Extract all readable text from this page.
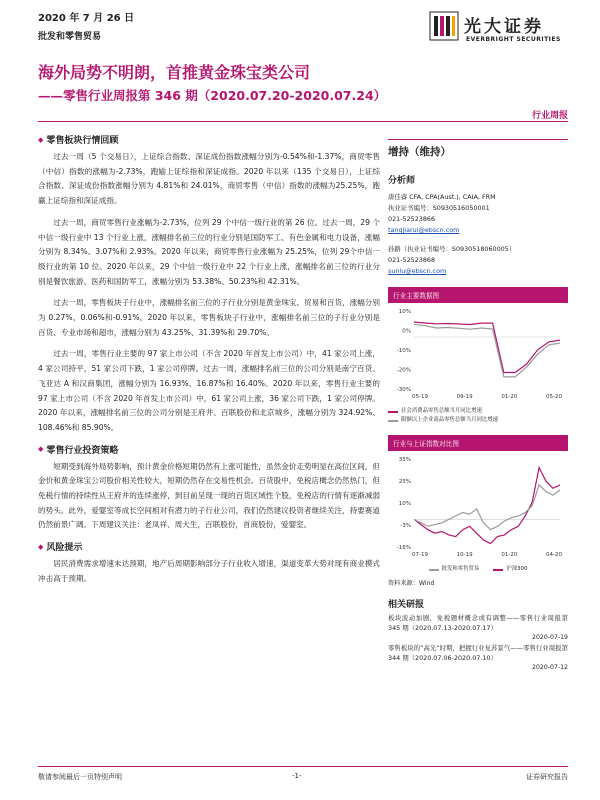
2020 年 7 月 26 日
批发和零售贸易	光大证券
EVERBRIGHT SECURITIES
海外局势不明朗，首推黄金珠宝类公司
——零售行业周报第 346 期（2020.07.20-2020.07.24）
行业周报
◆ 零售板块行情回顾

过去一周（5 个交易日），上证综合指数、深证成份指数涨幅分别为-0.54%和-1.37%，商贸零售（中信）指数的涨幅为-2.73%，跑输上证综指和深证成指。2020 年以来（135 个交易日），上证综合指数、深证成份指数涨幅分别为 4.81%和 24.01%，商贸零售（中信）指数的涨幅为25.25%，跑赢上证综指和深证成指。

过去一周，商贸零售行业涨幅为-2.73%，位列 29 个中信一级行业的第 26 位。过去一周，29 个中信一级行业中 13 个行业上涨，涨幅排名前三位的行业分别是国防军工、有色金属和电力设备，涨幅分别为 8.34%、3.07%和 2.93%。2020 年以来，商贸零售行业涨幅为 25.25%，位列 29个中信一级行业的第 10 位。2020 年以来，29 个中信一级行业中 22 个行业上涨，涨幅排名前三位的行业分别是餐饮旅游、医药和国防军工，涨幅分别为 53.38%、50.23%和 42.31%。

过去一周，零售板块子行业中，涨幅排名前三位的子行业分别是黄金珠宝、贸易和百货，涨幅分别为 0.27%、0.06%和-0.91%。2020 年以来，零售板块子行业中，涨幅排名前三位的子行业分别是百货、专业市场和超市，涨幅分别为 43.25%、31.39%和 29.70%。

过去一周，零售行业主要的 97 家上市公司（不含 2020 年首发上市公司）中，41 家公司上涨，4 家公司持平，51 家公司下跌，1 家公司停牌。过去一周，涨幅排名前三位的公司分别是南宁百货、飞亚达 A 和汉商集团，涨幅分别为 16.93%、16.87%和 16.40%。2020 年以来，零售行业主要的 97 家上市公司（不含 2020 年首发上市公司）中，61 家公司上涨，36 家公司下跌，1 家公司停牌。2020 年以来，涨幅排名前三位的公司分别是王府井、百联股份和北京城乡，涨幅分别为 324.92%、108.46%和 85.90%。

◆ 零售行业投资策略

短期受到海外局势影响，预计黄金价格短期仍然有上涨可能性，虽然金价走势明显在高位区间，但金价和黄金珠宝公司股价相关性较大，短期仍然存在交易性机会。百货股中，免税店概念仍然热门，但免税行情的持续性从王府井的连续涨停，到目前呈现一现的百货区域性个股，免税店的行情有逐渐减弱的势头。此外，爱婴室等成长空间相对有潜力的子行业公司，我们仍然建议投资者继续关注，持要赛道仍然前景广阔。下周建议关注：老凤祥、周大生，百联股份，首商股份，爱婴室。

◆ 风险提示

居民消费需求增速未达预期，地产后周期影响部分子行业收入增速，渠道变革大势对现有商业模式冲击高于预期。

增持（维持）
分析师
唐佳睿 CFA, CPA(Aust.), CAIA, FRM
执业证书编号：S0930516050001
021-52523866
tangjiarui@ebscn.com
孙路（执业证书编号：S0930518060005）
021-52523868
sunlu@ebscn.com
行业主要数据图
10%
0%
-10%
-20%
-30%
05-19	09-19	01-20	05-20
社会消费品零售总额当月同比增速
限额以上企业商品零售总额当月同比增速
行业与上证指数对比图
35%
23%
10%
-3%
-16%
07-19	10-19	01-20	04-20
批发和零售贸易	沪深300
资料来源：Wind
相关研报
板块波动加剧，免税题材概念或有调整——零售行业周报第 345 期（2020.07.13-2020.07.17）
2020-07-19
零售板块的“高光”时期，把握行业复苏景气——零售行业周报第 344 期（2020.07.06-2020.07.10）
2020-07-12
敬请参阅最后一页特别声明	-1-	证券研究报告
